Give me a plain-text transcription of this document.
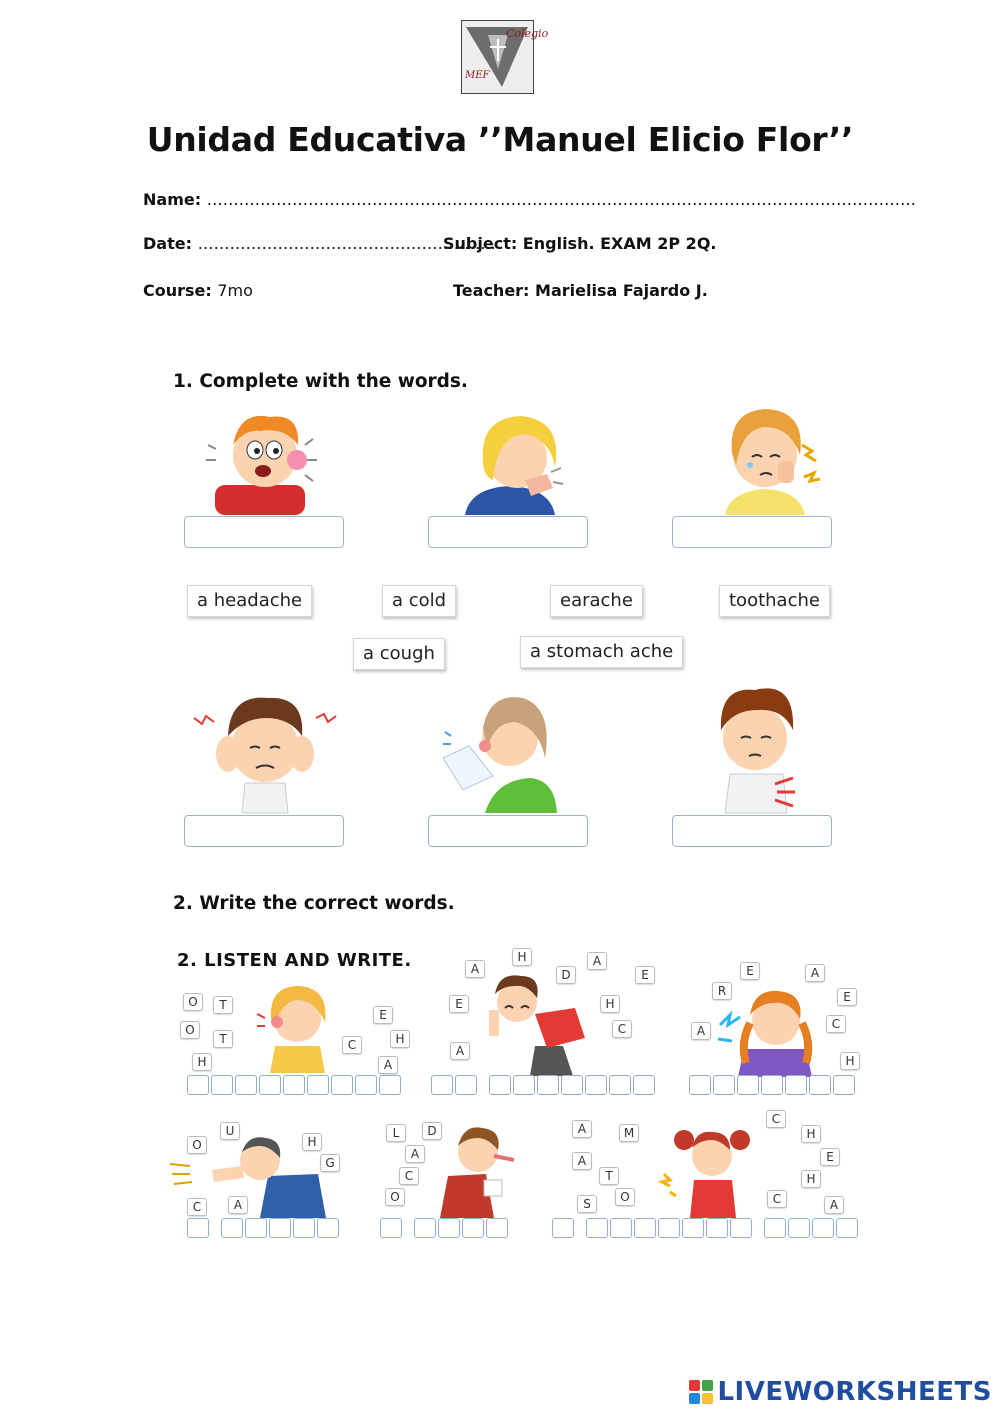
Colegio
MEF
Unidad Educativa ’’Manuel Elicio Flor’’
Name: …………………………………………………………………………………………………………………….
Date: ………………………………………………..
Subject: English. EXAM 2P 2Q.
Course: 7mo	Teacher: Marielisa Fajardo J.
1. Complete with the words.
a headache	a cold	earache	toothache
a cough	a stomach ache
2. Write the correct words.
2. LISTEN AND WRITE.
O	T
O
T
H
E
H
C
A
A
H
D
A
E
E	H
C
A
R
E	A
E
A	C
H
O
U
H
G
C	A
L	D
A
C
O
A	M
A
T
S	O
C
H
E
H
C	A
LIVEWORKSHEETS
